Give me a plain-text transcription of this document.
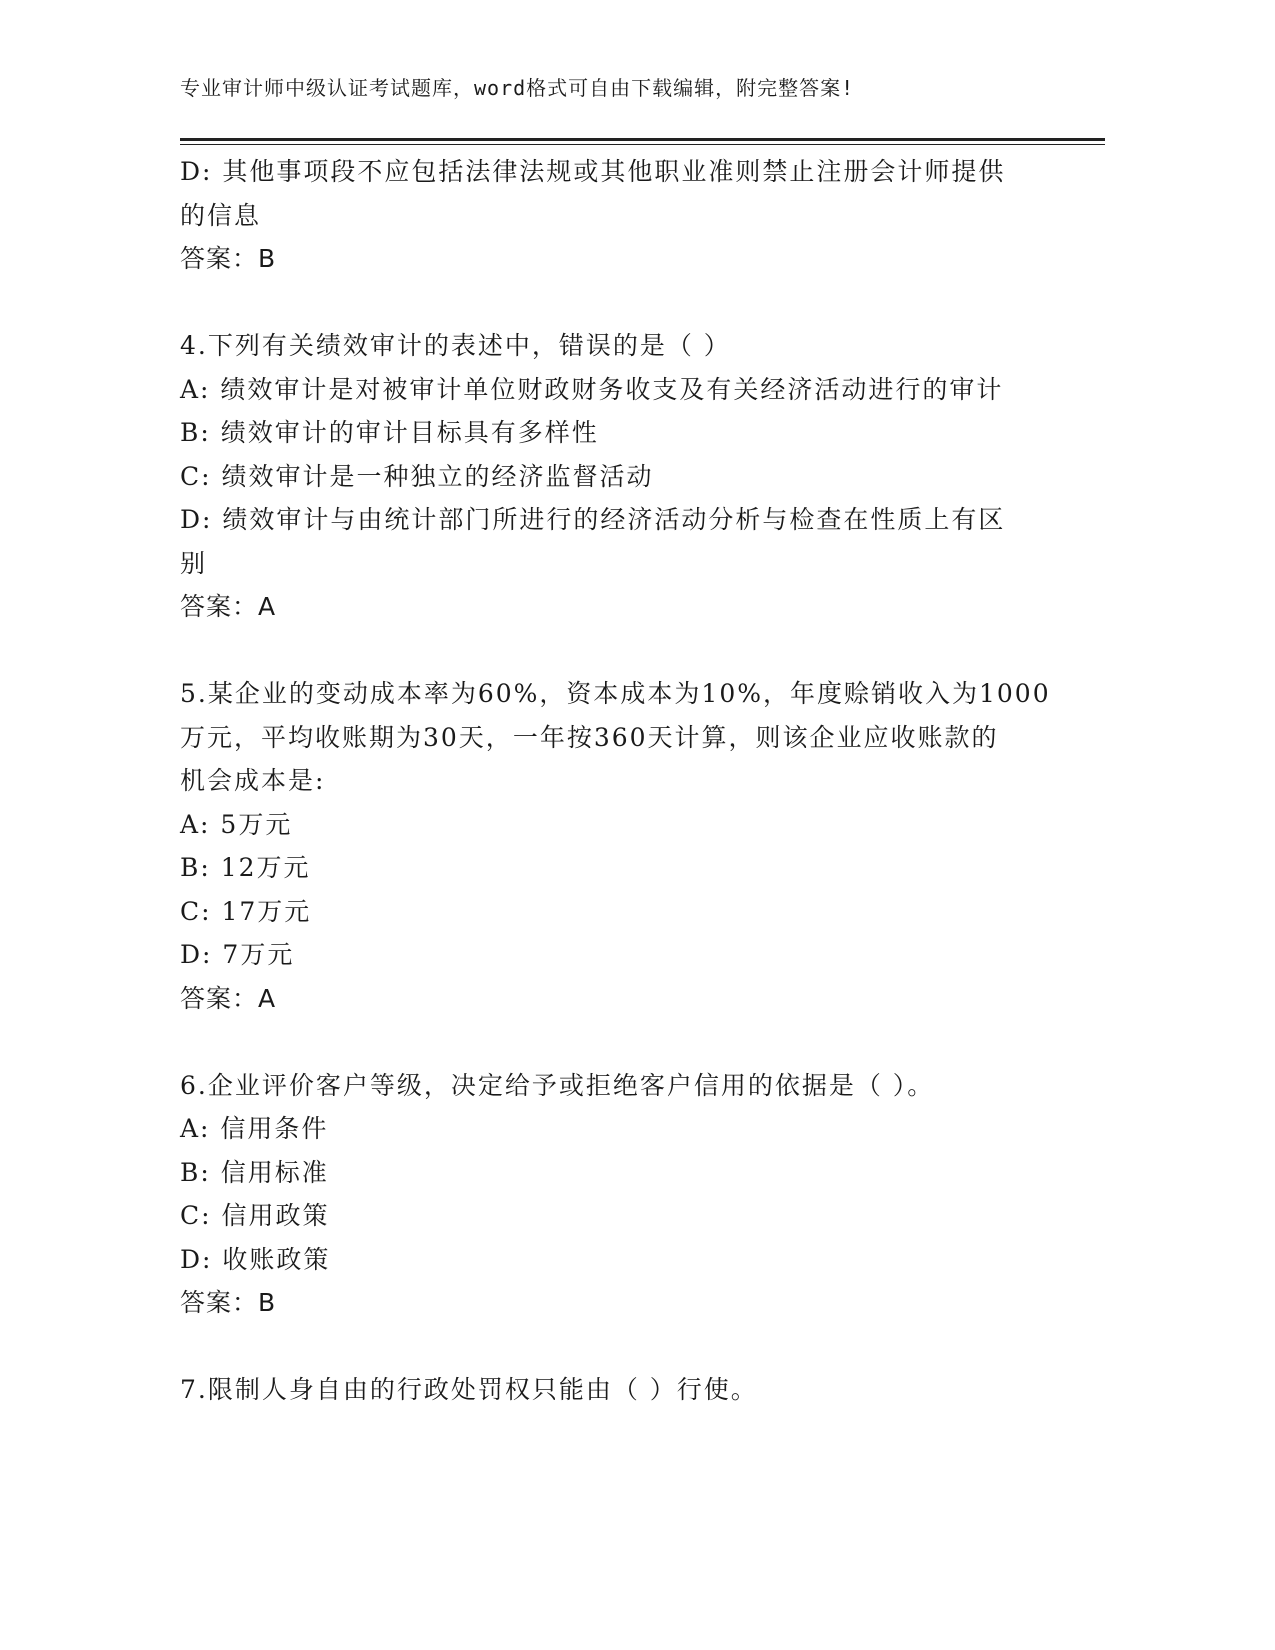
专业审计师中级认证考试题库，word格式可自由下载编辑，附完整答案!
D: 其他事项段不应包括法律法规或其他职业准则禁止注册会计师提供
的信息
答案：B
4.下列有关绩效审计的表述中，错误的是（ ）
A: 绩效审计是对被审计单位财政财务收支及有关经济活动进行的审计
B: 绩效审计的审计目标具有多样性
C: 绩效审计是一种独立的经济监督活动
D: 绩效审计与由统计部门所进行的经济活动分析与检查在性质上有区
别
答案：A
5.某企业的变动成本率为60%，资本成本为10%，年度赊销收入为1000
万元，平均收账期为30天，一年按360天计算，则该企业应收账款的
机会成本是:
A: 5万元
B: 12万元
C: 17万元
D: 7万元
答案：A
6.企业评价客户等级，决定给予或拒绝客户信用的依据是（ ）。
A: 信用条件
B: 信用标准
C: 信用政策
D: 收账政策
答案：B
7.限制人身自由的行政处罚权只能由（ ）行使。
